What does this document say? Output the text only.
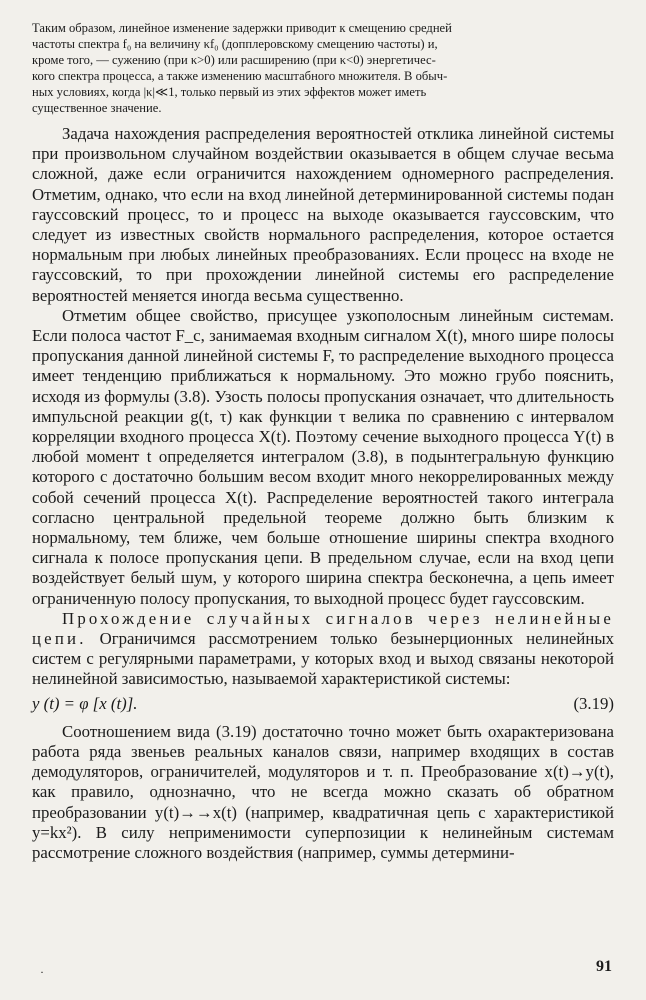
Таким образом, линейное изменение задержки приводит к смещению средней
частоты спектра f₀ на величину κf₀ (допплеровскому смещению частоты) и,
кроме того, — сужению (при κ>0) или расширению (при κ<0) энергетичес-
кого спектра процесса, а также изменению масштабного множителя. В обыч-
ных условиях, когда |κ|≪1, только первый из этих эффектов может иметь
существенное значение.

Задача нахождения распределения вероятностей отклика линейной системы при произвольном случайном воздействии оказывается в общем случае весьма сложной, даже если ограничится нахождением одномерного распределения. Отметим, однако, что если на вход линейной детерминированной системы подан гауссовский процесс, то и процесс на выходе оказывается гауссовским, что следует из известных свойств нормального распределения, которое остается нормальным при любых линейных преобразованиях. Если процесс на входе не гауссовский, то при прохождении линейной системы его распределение вероятностей меняется иногда весьма существенно.

Отметим общее свойство, присущее узкополосным линейным системам. Если полоса частот F_c, занимаемая входным сигналом X(t), много шире полосы пропускания данной линейной системы F, то распределение выходного процесса имеет тенденцию приближаться к нормальному. Это можно грубо пояснить, исходя из формулы (3.8). Узость полосы пропускания означает, что длительность импульсной реакции g(t, τ) как функции τ велика по сравнению с интервалом корреляции входного процесса X(t). Поэтому сечение выходного процесса Y(t) в любой момент t определяется интегралом (3.8), в подынтегральную функцию которого с достаточно большим весом входит много некоррелированных между собой сечений процесса X(t). Распределение вероятностей такого интеграла согласно центральной предельной теореме должно быть близким к нормальному, тем ближе, чем больше отношение ширины спектра входного сигнала к полосе пропускания цепи. В предельном случае, если на вход цепи воздействует белый шум, у которого ширина спектра бесконечна, а цепь имеет ограниченную полосу пропускания, то выходной процесс будет гауссовским.

Прохождение случайных сигналов через нелинейные цепи. Ограничимся рассмотрением только безынерционных нелинейных систем с регулярными параметрами, у которых вход и выход связаны некоторой нелинейной зависимостью, называемой характеристикой системы:

y (t) = φ [x (t)].	(3.19)

Соотношением вида (3.19) достаточно точно может быть охарактеризована работа ряда звеньев реальных каналов связи, например входящих в состав демодуляторов, ограничителей, модуляторов и т. п. Преобразование x(t)→y(t), как правило, однозначно, что не всегда можно сказать об обратном преобразовании y(t)→→x(t) (например, квадратичная цепь с характеристикой y=kx²). В силу неприменимости суперпозиции к нелинейным системам рассмотрение сложного воздействия (например, суммы детермини-

·	91
